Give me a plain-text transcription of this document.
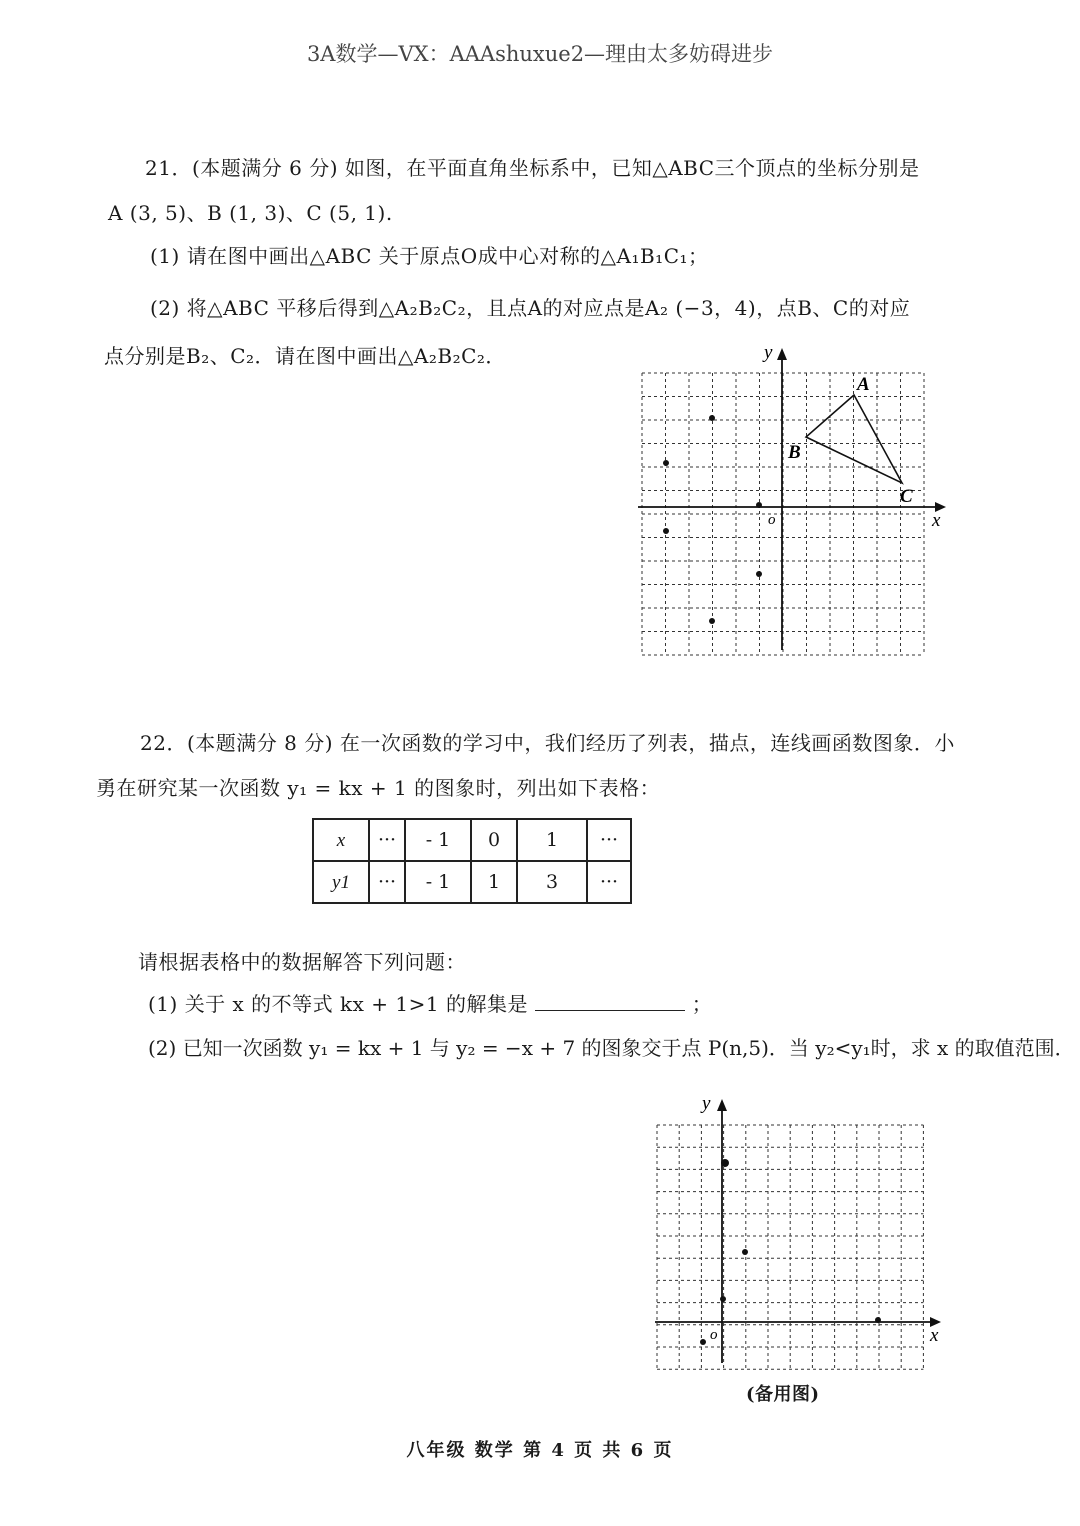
3A数学—VX：AAAshuxue2—理由太多妨碍进步
21．(本题满分 6 分) 如图，在平面直角坐标系中，已知△ABC三个顶点的坐标分别是
A (3, 5)、B (1, 3)、C (5, 1).
(1) 请在图中画出△ABC 关于原点O成中心对称的△A₁B₁C₁；
(2) 将△ABC 平移后得到△A₂B₂C₂，且点A的对应点是A₂ (−3，4)，点B、C的对应
点分别是B₂、C₂．请在图中画出△A₂B₂C₂．	y
x
o
A
B
C
22．(本题满分 8 分) 在一次函数的学习中，我们经历了列表，描点，连线画函数图象．小
勇在研究某一次函数 y₁ = kx + 1 的图象时，列出如下表格：
x	···	- 1	0	1	···
y1	···	- 1	1	3	···
请根据表格中的数据解答下列问题：
(1) 关于 x 的不等式 kx + 1>1 的解集是	；
(2) 已知一次函数 y₁ = kx + 1 与 y₂ = −x + 7 的图象交于点 P(n,5)．当 y₂<y₁时，求 x 的取值范围．
y
x
o
(备用图)
八年级 数学 第 4 页 共 6 页
